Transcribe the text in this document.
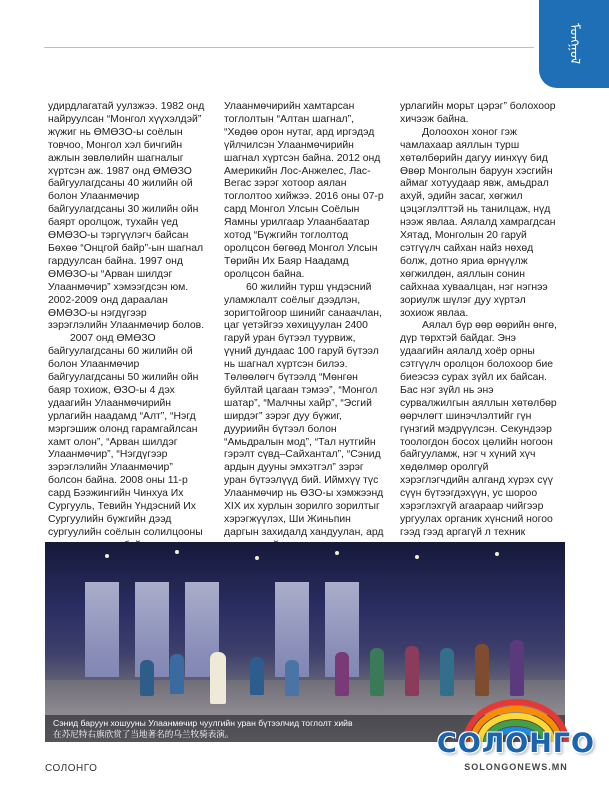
ᠮᠣᠩᠭᠣᠯ

удирдлагатай уулзжээ. 1982 онд найруулсан “Монгол хүүхэлдэй” жүжиг нь ӨМӨЗО-ы соёлын товчоо, Монгол хэл бичгийн ажлын зөвлөлийн шагналыг хүртсэн аж. 1987 онд ӨМӨЗО байгуулагдсаны 40 жилийн ой болон Улаанмөчир байгуулагдсаны 30 жилийн ойн баярт оролцож, тухайн үед ӨМӨЗО-ы тэргүүлэгч байсан Бөхөө “Онцгой байр”-ын шагнал гардуулсан байна. 1997 онд ӨМӨЗО-ы “Арван шилдэг Улаанмөчир” хэмээгдсэн юм. 2002-2009 онд дараалан ӨМӨЗО-ы нэгдүгээр зэрэглэлийн Улаанмөчир болов.

2007 онд ӨМӨЗО байгуулагдсаны 60 жилийн ой болон Улаанмөчир байгуулагдсаны 50 жилийн ойн баяр тохиож, ӨЗО-ы 4 дэх удаагийн Улаанмөчирийн урлагийн наадамд “Алт”, “Нэгд мэргэшиж олонд гарамгайлсан хамт олон”, “Арван шилдэг Улаанмөчир”, “Нэгдүгээр зэрэглэлийн Улаанмөчир” болсон байна. 2008 оны 11-р сард Бээжингийн Чинхуа Их Сургууль, Тевийн Үндэсний Их Сургуулийн бүжгийн дээд сургуулийн соёлын солилцооны

Улаанмөчирийн хамтарсан тоглолтын “Алтан шагнал”, “Хөдөө орон нутаг, ард иргэдэд үйлчилсэн Улаанмөчирийн шагнал хүртсэн байна. 2012 онд Америкийн Лос-Анжелес, Лас-Вегас зэрэг хотоор аялан тоглолтоо хийжээ. 2016 оны 07-р сард Монгол Улсын Соёлын Яамны урилгаар Улаанбаатар хотод “Бүжгийн тоглолтод оролцсон бөгөөд Монгол Улсын Төрийн Их Баяр Наадамд оролцсон байна.

60 жилийн турш үндэсний уламжлалт соёлыг дээдлэн, зоригтойгоор шинийг санаачлан, цаг үетэйгээ хөхицуулан 2400 гаруй уран бүтээл туурвиж, үүний дундаас 100 гаруй бүтээл нь шагнал хүртсэн билээ. Төлөөлөгч бүтээлд “Мөнгөн буйлтай цагаан тэмээ”, “Монгол шатар”, “Малчны хайр”, “Эсгий ширдэг” зэрэг дуу бүжиг, дууриийн бүтээл болон “Амьдралын мод”, “Тал нутгийн гэрэлт сүвд–Сайхантал”, “Сэнид ардын дууны эмхэтгэл” зэрэг уран бүтээлүүд бий. Иймхүү түс Улаанмөчир нь ӨЗО-ы хэмжээнд XIX их хурлын зорилго зорилтыг хэрэгжүүлэх, Ши Жиньпин даргын захидалд хандуулан, ард

урлагийн морьт цэрэг” болохоор хичээж байна.

Долоохон хоног гэж чамлахаар аяллын турш хөтөлбөрийн дагуу иинхүү бид Өвөр Монголын баруун хэсгийн аймаг хотуудаар явж, амьдрал ахуй, эдийн засаг, хөгжил цэцэглэлттэй нь танилцаж, нүд нээж явлаа. Аялалд хамрагдсан Хятад, Монголын 20 гаруй сэтгүүлч сайхан найз нөхөд болж, дотно яриа өрнүүлж хөгжилдөн, аяллын сонин сайхнаа хуваалцан, нэг нэгнээ зориулж шүлэг дуу хүртэл зохиож явлаа.

Аялал бүр өөр өөрийн өнгө, дүр төрхтэй байдаг. Энэ удаагийн аялалд хоёр орны сэтгүүлч оролцон болохоор бие биеэсээ сурах зүйл их байсан. Бас нэг зүйл нь энэ сурвалжилгын аяллын хөтөлбөр өөрчлөгт шинэчлэлтийг гүн гүнзгий мэдрүүлсэн. Секундээр тоологдон босох цөлийн ногоон байгууламж, нэг ч хүний хүч хөдөлмөр оролгүй хэрэглэгчдийн алганд хүрэх сүү сүүн бүтээгдэхүүн, ус шороо хэрэглэхгүй агаараар чийгээр ургуулах органик хүнсний ногоо гээд гээд аргагүй л техник

Сэнид баруун хошууны Улаанмөчир чуулгийн уран бүтээлчид тоглолт хийв
在苏尼特右旗欣赏了当地著名的乌兰牧骑表演。	СОЛОНГО
SOLONGONEWS.MN
СОЛОНГО
